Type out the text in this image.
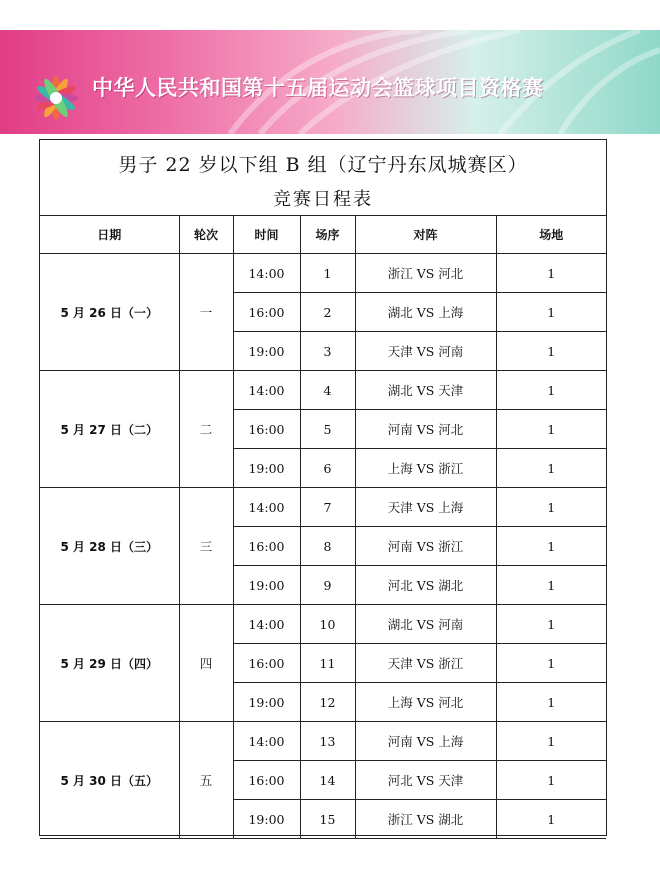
中华人民共和国第十五届运动会篮球项目资格赛
男子 22 岁以下组 B 组（辽宁丹东凤城赛区）
竞赛日程表
日期	轮次	时间	场序	对阵	场地
5 月 26 日（一）	一	14:00	1	浙江 VS 河北	1
		16:00	2	湖北 VS 上海	1
		19:00	3	天津 VS 河南	1
5 月 27 日（二）	二	14:00	4	湖北 VS 天津	1
		16:00	5	河南 VS 河北	1
		19:00	6	上海 VS 浙江	1
5 月 28 日（三）	三	14:00	7	天津 VS 上海	1
		16:00	8	河南 VS 浙江	1
		19:00	9	河北 VS 湖北	1
5 月 29 日（四）	四	14:00	10	湖北 VS 河南	1
		16:00	11	天津 VS 浙江	1
		19:00	12	上海 VS 河北	1
5 月 30 日（五）	五	14:00	13	河南 VS 上海	1
		16:00	14	河北 VS 天津	1
		19:00	15	浙江 VS 湖北	1
